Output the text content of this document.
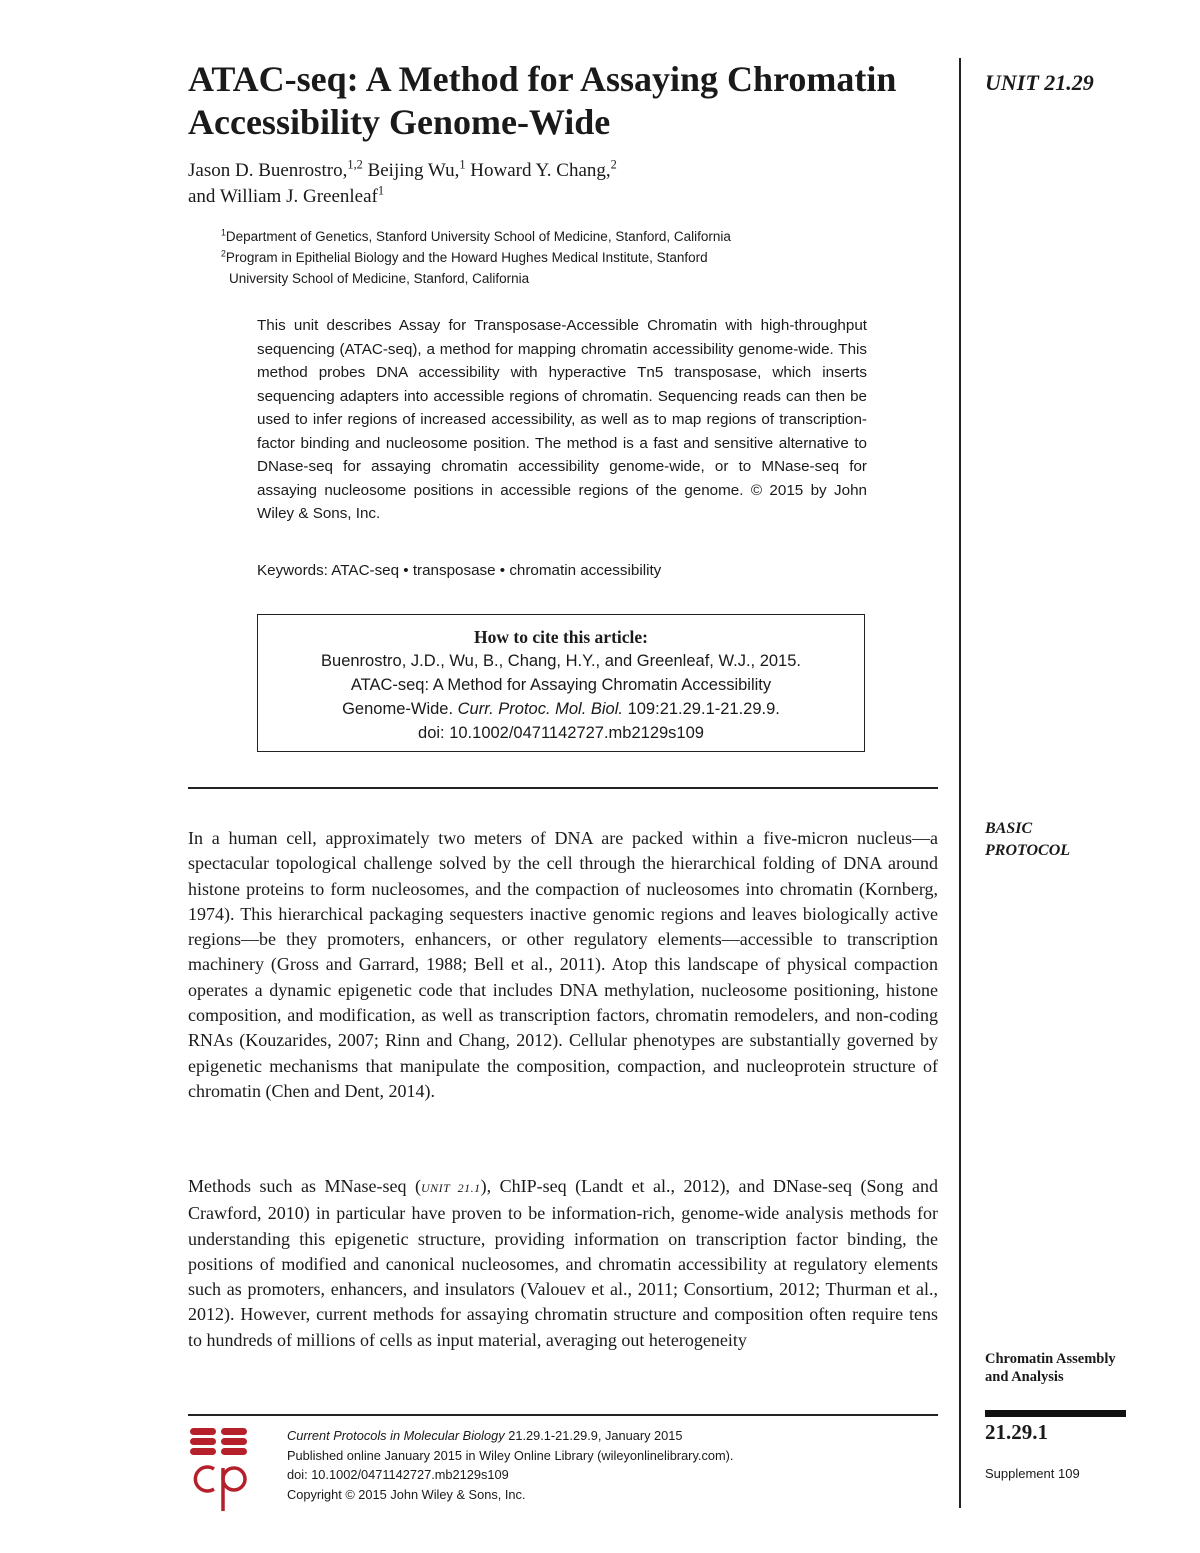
UNIT 21.29
ATAC-seq: A Method for Assaying Chromatin Accessibility Genome-Wide
Jason D. Buenrostro,$^{1,2}$ Beijing Wu,$^1$ Howard Y. Chang,$^2$
and William J. Greenleaf$^1$
$^1$Department of Genetics, Stanford University School of Medicine, Stanford, California
$^2$Program in Epithelial Biology and the Howard Hughes Medical Institute, Stanford
University School of Medicine, Stanford, California
This unit describes Assay for Transposase-Accessible Chromatin with high-throughput sequencing (ATAC-seq), a method for mapping chromatin accessibility genome-wide. This method probes DNA accessibility with hyperactive Tn5 transposase, which inserts sequencing adapters into accessible regions of chromatin. Sequencing reads can then be used to infer regions of increased accessibility, as well as to map regions of transcription-factor binding and nucleosome position. The method is a fast and sensitive alternative to DNase-seq for assaying chromatin accessibility genome-wide, or to MNase-seq for assaying nucleosome positions in accessible regions of the genome. © 2015 by John Wiley & Sons, Inc.
Keywords: ATAC-seq • transposase • chromatin accessibility
How to cite this article:
Buenrostro, J.D., Wu, B., Chang, H.Y., and Greenleaf, W.J., 2015.
ATAC-seq: A Method for Assaying Chromatin Accessibility
Genome-Wide. Curr. Protoc. Mol. Biol. 109:21.29.1-21.29.9.
doi: 10.1002/0471142727.mb2129s109
BASIC PROTOCOL

In a human cell, approximately two meters of DNA are packed within a five-micron nucleus—a spectacular topological challenge solved by the cell through the hierarchical folding of DNA around histone proteins to form nucleosomes, and the compaction of nucleosomes into chromatin (Kornberg, 1974). This hierarchical packaging sequesters inactive genomic regions and leaves biologically active regions—be they promoters, enhancers, or other regulatory elements—accessible to transcription machinery (Gross and Garrard, 1988; Bell et al., 2011). Atop this landscape of physical compaction operates a dynamic epigenetic code that includes DNA methylation, nucleosome positioning, histone composition, and modification, as well as transcription factors, chromatin remodelers, and non-coding RNAs (Kouzarides, 2007; Rinn and Chang, 2012). Cellular phenotypes are substantially governed by epigenetic mechanisms that manipulate the composition, compaction, and nucleoprotein structure of chromatin (Chen and Dent, 2014).

Methods such as MNase-seq (UNIT 21.1), ChIP-seq (Landt et al., 2012), and DNase-seq (Song and Crawford, 2010) in particular have proven to be information-rich, genome-wide analysis methods for understanding this epigenetic structure, providing information on transcription factor binding, the positions of modified and canonical nucleosomes, and chromatin accessibility at regulatory elements such as promoters, enhancers, and insulators (Valouev et al., 2011; Consortium, 2012; Thurman et al., 2012). However, current methods for assaying chromatin structure and composition often require tens to hundreds of millions of cells as input material, averaging out heterogeneity

Chromatin Assembly and Analysis
21.29.1
Supplement 109
Current Protocols in Molecular Biology 21.29.1-21.29.9, January 2015
Published online January 2015 in Wiley Online Library (wileyonlinelibrary.com).
doi: 10.1002/0471142727.mb2129s109
Copyright © 2015 John Wiley & Sons, Inc.
